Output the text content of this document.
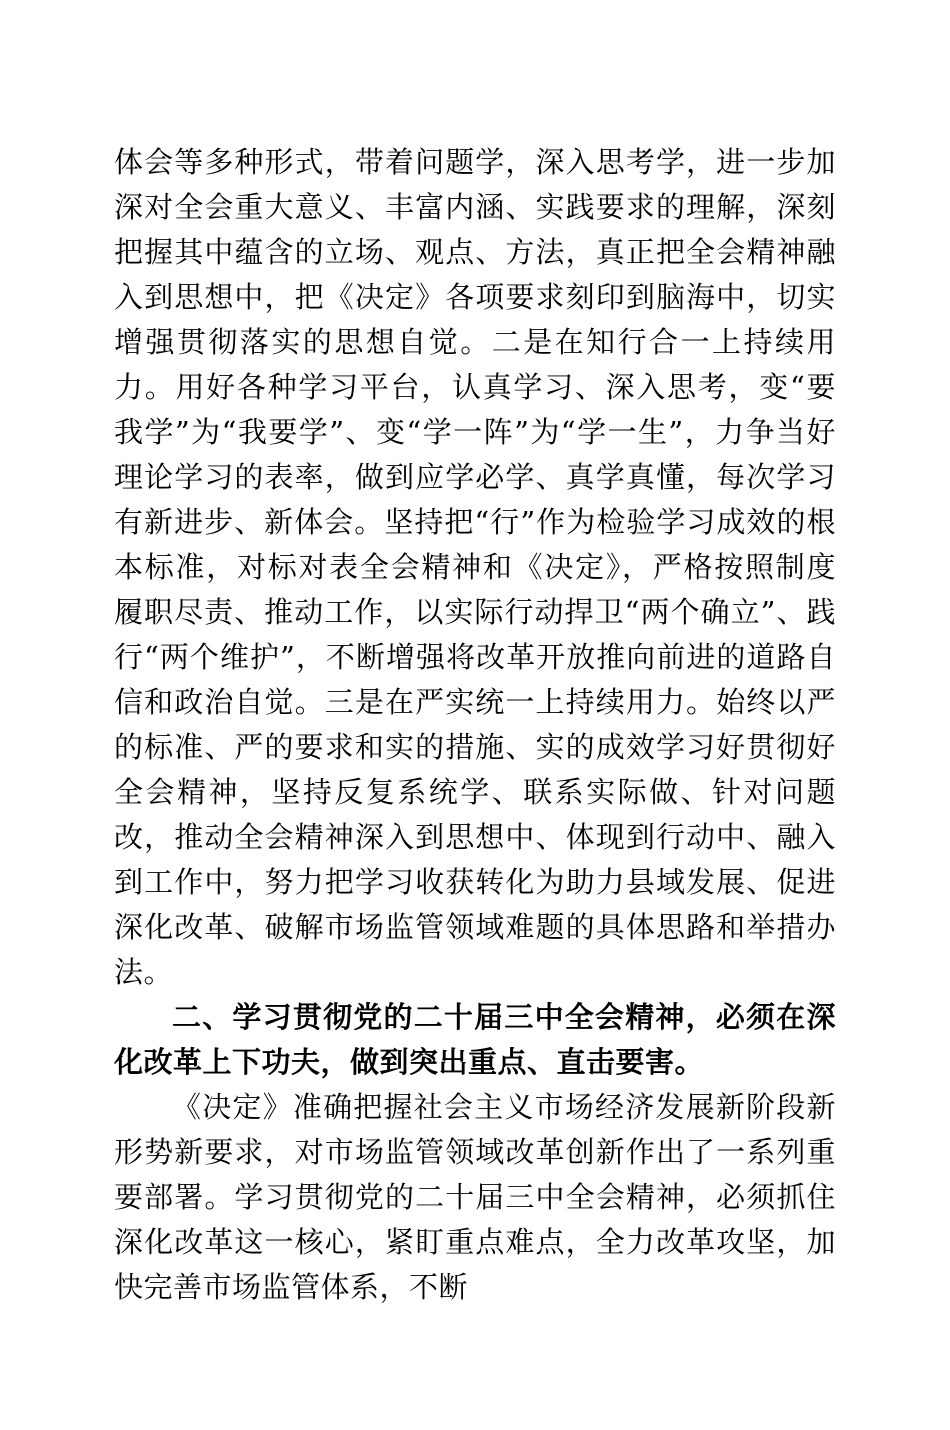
体会等多种形式，带着问题学，深入思考学，进一步加深对全会重大意义、丰富内涵、实践要求的理解，深刻把握其中蕴含的立场、观点、方法，真正把全会精神融入到思想中，把《决定》各项要求刻印到脑海中，切实增强贯彻落实的思想自觉。二是在知行合一上持续用力。用好各种学习平台，认真学习、深入思考，变“要我学”为“我要学”、变“学一阵”为“学一生”，力争当好理论学习的表率，做到应学必学、真学真懂，每次学习有新进步、新体会。坚持把“行”作为检验学习成效的根本标准，对标对表全会精神和《决定》，严格按照制度履职尽责、推动工作，以实际行动捍卫“两个确立”、践行“两个维护”，不断增强将改革开放推向前进的道路自信和政治自觉。三是在严实统一上持续用力。始终以严的标准、严的要求和实的措施、实的成效学习好贯彻好全会精神，坚持反复系统学、联系实际做、针对问题改，推动全会精神深入到思想中、体现到行动中、融入到工作中，努力把学习收获转化为助力县域发展、促进深化改革、破解市场监管领域难题的具体思路和举措办法。

二、学习贯彻党的二十届三中全会精神，必须在深化改革上下功夫，做到突出重点、直击要害。

《决定》准确把握社会主义市场经济发展新阶段新形势新要求，对市场监管领域改革创新作出了一系列重要部署。学习贯彻党的二十届三中全会精神，必须抓住深化改革这一核心，紧盯重点难点，全力改革攻坚，加快完善市场监管体系，不断
